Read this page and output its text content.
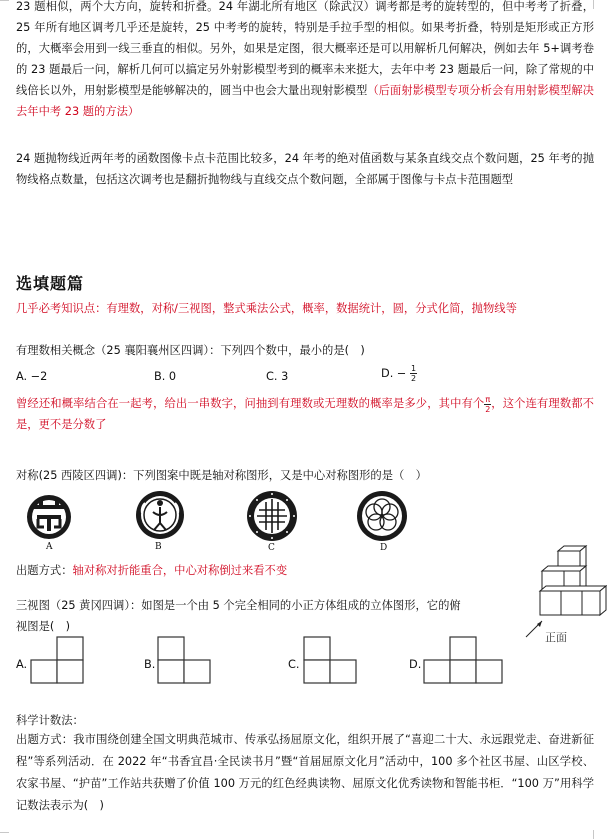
23 题相似，两个大方向，旋转和折叠。24 年湖北所有地区（除武汉）调考都是考的旋转型的，但中考考了折叠，25 年所有地区调考几乎还是旋转，25 中考考的旋转，特别是手拉手型的相似。如果考折叠，特别是矩形或正方形的，大概率会用到一线三垂直的相似。另外，如果是定图，很大概率还是可以用解析几何解决，例如去年 5+调考卷的 23 题最后一问，解析几何可以搞定另外射影模型考到的概率未来挺大，去年中考 23 题最后一问，除了常规的中线倍长以外，用射影模型是能够解决的，圆当中也会大量出现射影模型（后面射影模型专项分析会有用射影模型解决去年中考 23 题的方法）
24 题抛物线近两年考的函数图像卡点卡范围比较多，24 年考的绝对值函数与某条直线交点个数问题，25 年考的抛物线格点数量，包括这次调考也是翻折抛物线与直线交点个数问题，全部属于图像与卡点卡范围题型
选填题篇
几乎必考知识点：有理数，对称/三视图，整式乘法公式，概率，数据统计，圆，分式化简，抛物线等
有理数相关概念（25 襄阳襄州区四调）：下列四个数中，最小的是(　)
A. −2	B. 0	C. 3	D. − $\frac{1}{2}$
曾经还和概率结合在一起考，给出一串数字，问抽到有理数或无理数的概率是多少，其中有个 $\frac{\pi}{2}$ ，这个连有理数都不是，更不是分数了
对称(25 西陵区四调)：下列图案中既是轴对称图形，又是中心对称图形的是（　）
A	B	C	D
出题方式：轴对称对折能重合，中心对称倒过来看不变
三视图（25 黄冈四调）：如图是一个由 5 个完全相同的小正方体组成的立体图形，它的俯
视图是(　)
正面
A.	B.	C.	D.
科学计数法：
出题方式：我市围绕创建全国文明典范城市、传承弘扬屈原文化，组织开展了“喜迎二十大、永远跟党走、奋进新征程”等系列活动．在 2022 年“书香宜昌·全民读书月”暨“首届屈原文化月”活动中，100 多个社区书屋、山区学校、农家书屋、“护苗”工作站共获赠了价值 100 万元的红色经典读物、屈原文化优秀读物和智能书柜．“100 万”用科学记数法表示为(　)
